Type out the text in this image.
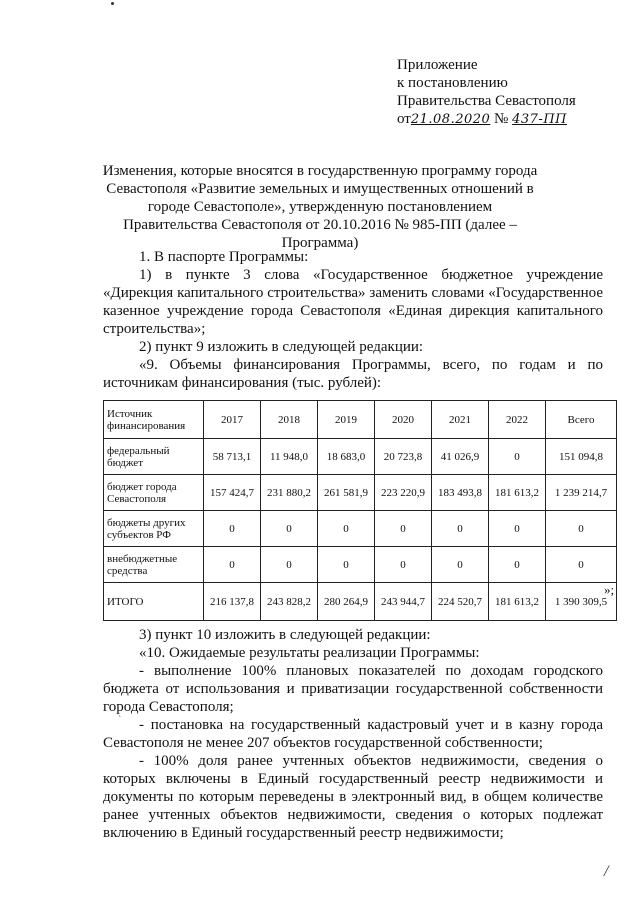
Приложение
к постановлению
Правительства Севастополя
от21.08.2020 № 437-ПП
Изменения, которые вносятся в государственную программу города Севастополя «Развитие земельных и имущественных отношений в городе Севастополе», утвержденную постановлением Правительства Севастополя от 20.10.2016 № 985-ПП (далее – Программа)
1. В паспорте Программы:
1) в пункте 3 слова «Государственное бюджетное учреждение «Дирекция капитального строительства» заменить словами «Государственное казенное учреждение города Севастополя «Единая дирекция капитального строительства»;
2) пункт 9 изложить в следующей редакции:
«9. Объемы финансирования Программы, всего, по годам и по источникам финансирования (тыс. рублей):
Источник финансирования	2017	2018	2019	2020	2021	2022	Всего
федеральный бюджет	58 713,1	11 948,0	18 683,0	20 723,8	41 026,9	0	151 094,8
бюджет города Севастополя	157 424,7	231 880,2	261 581,9	223 220,9	183 493,8	181 613,2	1 239 214,7
бюджеты других субъектов РФ	0	0	0	0	0	0	0
внебюджетные средства	0	0	0	0	0	0	0
ИТОГО	216 137,8	243 828,2	280 264,9	243 944,7	224 520,7	181 613,2	1 390 309,5
»;
3) пункт 10 изложить в следующей редакции:
«10. Ожидаемые результаты реализации Программы:
- выполнение 100% плановых показателей по доходам городского бюджета от использования и приватизации государственной собственности города Севастополя;
`	- постановка на государственный кадастровый учет и в казну города Севастополя не менее 207 объектов государственной собственности;
- 100% доля ранее учтенных объектов недвижимости, сведения о которых включены в Единый государственный реестр недвижимости и документы по которым переведены в электронный вид, в общем количестве ранее учтенных объектов недвижимости, сведения о которых подлежат включению в Единый государственный реестр недвижимости;
/
